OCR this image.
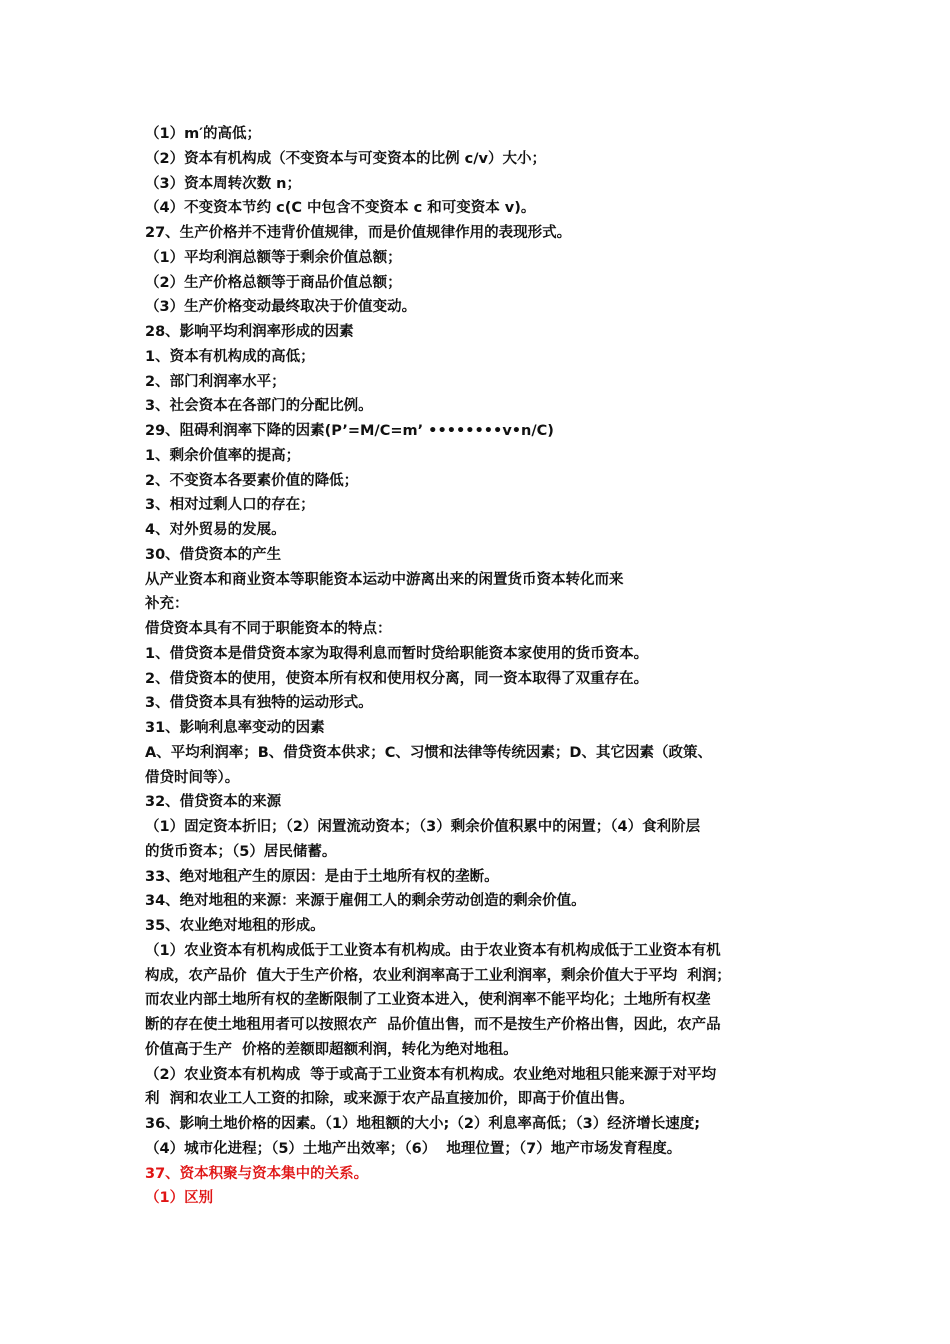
（1）m′的高低；
（2）资本有机构成（不变资本与可变资本的比例 c/v）大小；
（3）资本周转次数 n；
（4）不变资本节约 c(C 中包含不变资本 c 和可变资本 v)。
27、生产价格并不违背价值规律，而是价值规律作用的表现形式。
（1）平均利润总额等于剩余价值总额；
（2）生产价格总额等于商品价值总额；
（3）生产价格变动最终取决于价值变动。
28、影响平均利润率形成的因素
1、资本有机构成的高低；
2、部门利润率水平；
3、社会资本在各部门的分配比例。
29、阻碍利润率下降的因素(P’=M/C=m’ ••••••••v•n/C)
1、剩余价值率的提高；
2、不变资本各要素价值的降低；
3、相对过剩人口的存在；
4、对外贸易的发展。
30、借贷资本的产生
从产业资本和商业资本等职能资本运动中游离出来的闲置货币资本转化而来
补充：
借贷资本具有不同于职能资本的特点：
1、借贷资本是借贷资本家为取得利息而暂时贷给职能资本家使用的货币资本。
2、借贷资本的使用，使资本所有权和使用权分离，同一资本取得了双重存在。
3、借贷资本具有独特的运动形式。
31、影响利息率变动的因素
A、平均利润率；B、借贷资本供求；C、习惯和法律等传统因素；D、其它因素（政策、
借贷时间等）。
32、借贷资本的来源
（1）固定资本折旧；（2）闲置流动资本；（3）剩余价值积累中的闲置；（4）食利阶层
的货币资本；（5）居民储蓄。
33、绝对地租产生的原因：是由于土地所有权的垄断。
34、绝对地租的来源：来源于雇佣工人的剩余劳动创造的剩余价值。
35、农业绝对地租的形成。
（1）农业资本有机构成低于工业资本有机构成。由于农业资本有机构成低于工业资本有机
构成，农产品价  值大于生产价格，农业利润率高于工业利润率，剩余价值大于平均  利润；
而农业内部土地所有权的垄断限制了工业资本进入，使利润率不能平均化；土地所有权垄
断的存在使土地租用者可以按照农产  品价值出售，而不是按生产价格出售，因此，农产品
价值高于生产  价格的差额即超额利润，转化为绝对地租。
（2）农业资本有机构成  等于或高于工业资本有机构成。农业绝对地租只能来源于对平均
利  润和农业工人工资的扣除，或来源于农产品直接加价，即高于价值出售。
36、影响土地价格的因素。（1）地租额的大小;（2）利息率高低；（3）经济增长速度;
（4）城市化进程；（5）土地产出效率；（6）  地理位置；（7）地产市场发育程度。
37、资本积聚与资本集中的关系。
（1）区别
